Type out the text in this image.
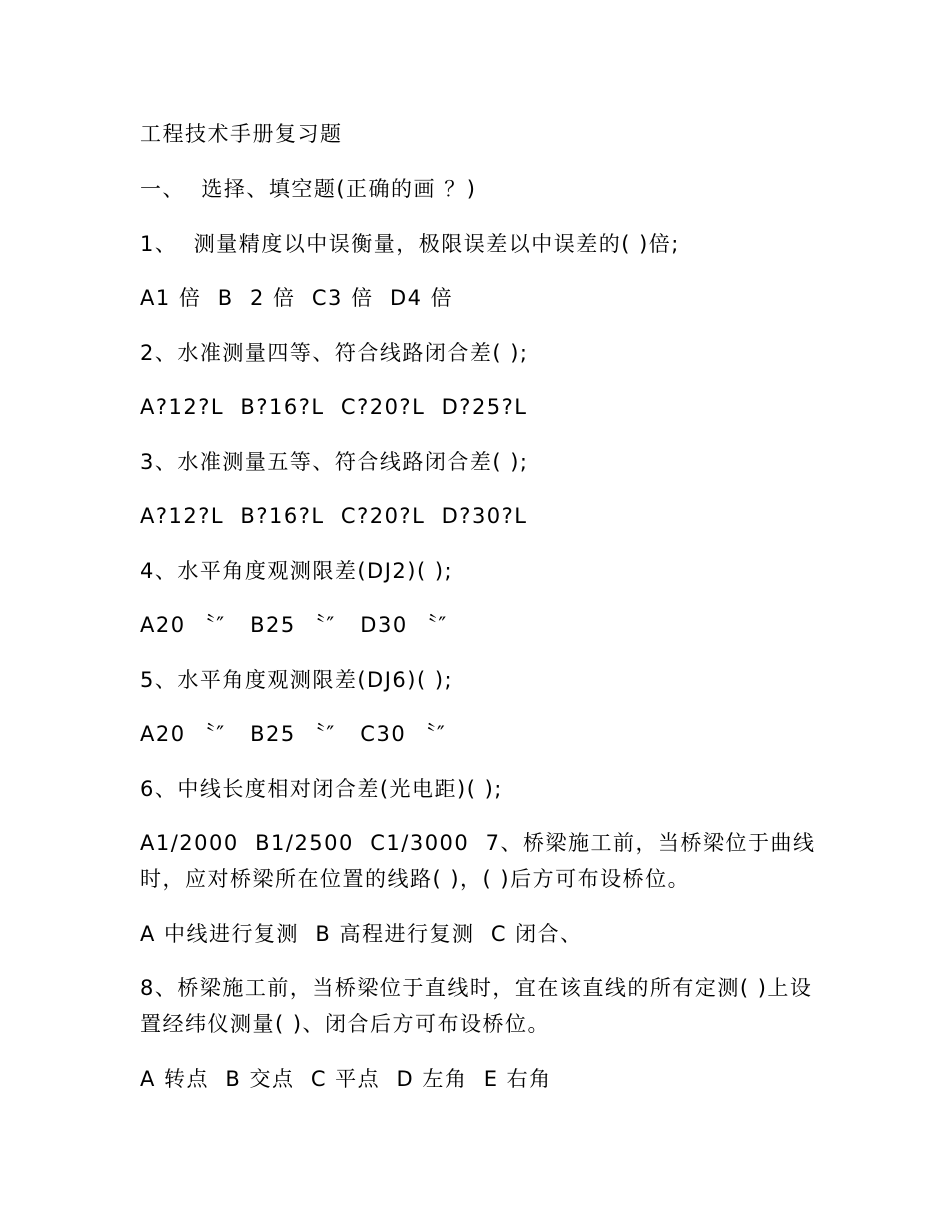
工程技术手册复习题

一、  选择、填空题(正确的画 ？)

1、  测量精度以中误衡量，极限误差以中误差的( )倍;

A1 倍  B  2 倍  C3 倍  D4 倍

2、水准测量四等、符合线路闭合差( );

A?12?L  B?16?L  C?20?L  D?25?L

3、水准测量五等、符合线路闭合差( );

A?12?L  B?16?L  C?20?L  D?30?L

4、水平角度观测限差(DJ2)( );

A20 〝″   B25 〝″   D30 〝″

5、水平角度观测限差(DJ6)( );

A20 〝″   B25 〝″   C30 〝″

6、中线长度相对闭合差(光电距)( );

A1/2000  B1/2500  C1/3000  7、桥梁施工前，当桥梁位于曲线时，应对桥梁所在位置的线路( )，( )后方可布设桥位。

A 中线进行复测  B 高程进行复测  C 闭合、

8、桥梁施工前，当桥梁位于直线时，宜在该直线的所有定测( )上设置经纬仪测量( )、闭合后方可布设桥位。

A 转点  B 交点  C 平点  D 左角  E 右角
